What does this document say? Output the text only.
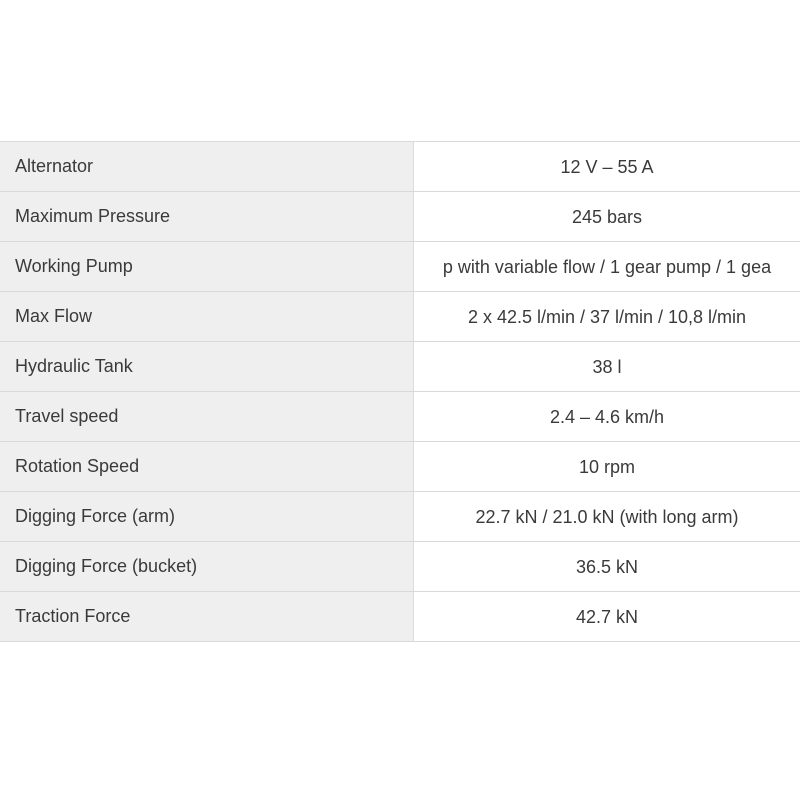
Alternator	12 V – 55 A
Maximum Pressure	245 bars
Working Pump	p with variable flow / 1 gear pump / 1 gea
Max Flow	2 x 42.5 l/min / 37 l/min / 10,8 l/min
Hydraulic Tank	38 l
Travel speed	2.4 – 4.6 km/h
Rotation Speed	10 rpm
Digging Force (arm)	22.7 kN / 21.0 kN (with long arm)
Digging Force (bucket)	36.5 kN
Traction Force	42.7 kN
